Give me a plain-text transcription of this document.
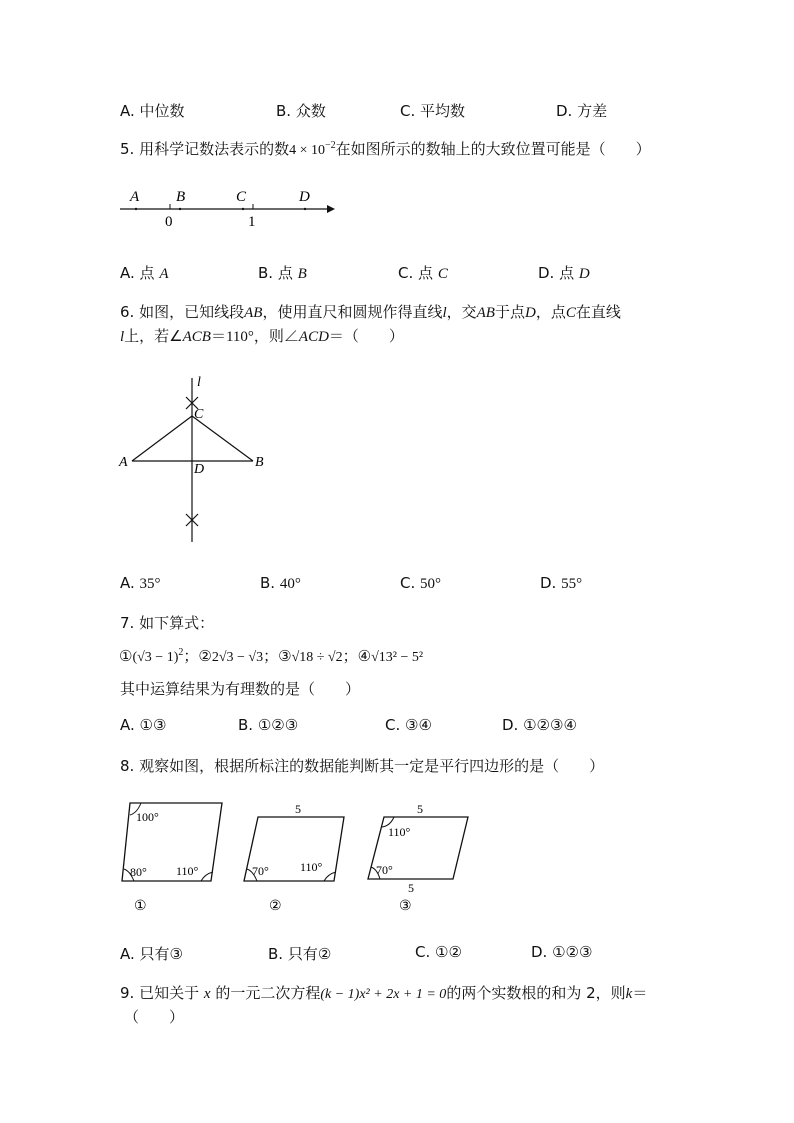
A. 中位数	B. 众数	C. 平均数	D. 方差
5. 用科学记数法表示的数$4 \times 10^{-2}$在如图所示的数轴上的大致位置可能是（　　）
A B	C	D
0	1
A. 点 A	B. 点 B	C. 点 C	D. 点 D
6. 如图，已知线段AB，使用直尺和圆规作得直线l，交AB于点D，点C在直线
l上，若∠ACB＝110°，则∠ACD＝（　　）
l
C
A	D	B
A. 35°	B. 40°	C. 50°	D. 55°
7. 如下算式：
①(√3 − 1)$^2$；②2√3 − √3；③√18 ÷ √2；④√13² − 5²
其中运算结果为有理数的是（　　）
A. ①③	B. ①②③	C. ③④	D. ①②③④
8. 观察如图，根据所标注的数据能判断其一定是平行四边形的是（　　）
100°
80° 110°
①
5
70°	110°
②
5
110°
70°
5
③
A. 只有③	B. 只有②	C. ①②	D. ①②③
9. 已知关于 x 的一元二次方程(k − 1)x² + 2x + 1 = 0的两个实数根的和为 2，则k＝
（　　）
